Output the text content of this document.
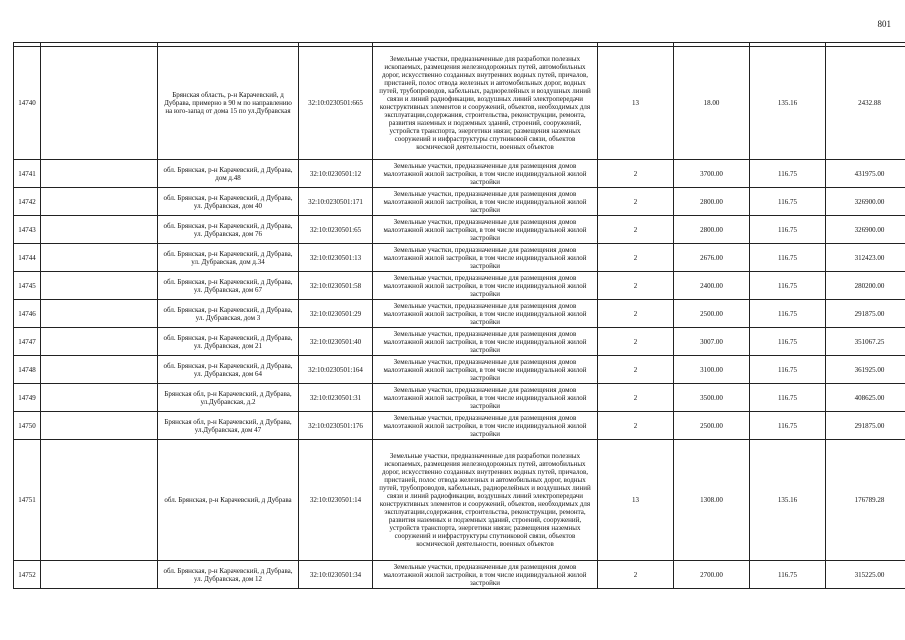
801

14740		Брянская область, р-н Карачевский, д Дубрава, примерно в 90 м по направлению на юго-запад от дома 15 по ул.Дубравская	32:10:0230501:665	Земельные участки, предназначенные для разработки полезных ископаемых, размещения железнодорожных путей, автомобильных дорог, искусственно созданных внутренних водных путей, причалов, пристаней, полос отвода железных и автомобильных дорог, водных путей, трубопроводов, кабельных, радиорелейных и воздушных линий связи и линий радиофикации, воздушных линий электропередачи конструктивных элементов и сооружений, объектов, необходимых для эксплуатации,содержания, строительства, реконструкции, ремонта, развития наземных и подземных зданий, строений, сооружений, устройств транспорта, энергетики нвязи; размещения наземных сооружений и инфраструктуры спутниковой связи, объектов космической деятельности, военных объектов	13	18.00	135.16	2432.88
14741		обл. Брянская, р-н Карачевский, д Дубрава, дом д.48	32:10:0230501:12	Земельные участки, предназначенные для размещения домов малоэтажной жилой застройки, в том числе индивидуальной жилой застройки	2	3700.00	116.75	431975.00
14742		обл. Брянская, р-н Карачевский, д Дубрава, ул. Дубравская, дом 40	32:10:0230501:171	Земельные участки, предназначенные для размещения домов малоэтажной жилой застройки, в том числе индивидуальной жилой застройки	2	2800.00	116.75	326900.00
14743		обл. Брянская, р-н Карачевский, д Дубрава, ул. Дубравская, дом 76	32:10:0230501:65	Земельные участки, предназначенные для размещения домов малоэтажной жилой застройки, в том числе индивидуальной жилой застройки	2	2800.00	116.75	326900.00
14744		обл. Брянская, р-н Карачевский, д Дубрава, ул. Дубравская, дом д.34	32:10:0230501:13	Земельные участки, предназначенные для размещения домов малоэтажной жилой застройки, в том числе индивидуальной жилой застройки	2	2676.00	116.75	312423.00
14745		обл. Брянская, р-н Карачевский, д Дубрава, ул. Дубравская, дом 67	32:10:0230501:58	Земельные участки, предназначенные для размещения домов малоэтажной жилой застройки, в том числе индивидуальной жилой застройки	2	2400.00	116.75	280200.00
14746		обл. Брянская, р-н Карачевский, д Дубрава, ул. Дубравская, дом 3	32:10:0230501:29	Земельные участки, предназначенные для размещения домов малоэтажной жилой застройки, в том числе индивидуальной жилой застройки	2	2500.00	116.75	291875.00
14747		обл. Брянская, р-н Карачевский, д Дубрава, ул. Дубравская, дом 21	32:10:0230501:40	Земельные участки, предназначенные для размещения домов малоэтажной жилой застройки, в том числе индивидуальной жилой застройки	2	3007.00	116.75	351067.25
14748		обл. Брянская, р-н Карачевский, д Дубрава, ул. Дубравская, дом 64	32:10:0230501:164	Земельные участки, предназначенные для размещения домов малоэтажной жилой застройки, в том числе индивидуальной жилой застройки	2	3100.00	116.75	361925.00
14749		Брянская обл, р-н Карачевский, д Дубрава, ул.Дубравская, д.2	32:10:0230501:31	Земельные участки, предназначенные для размещения домов малоэтажной жилой застройки, в том числе индивидуальной жилой застройки	2	3500.00	116.75	408625.00
14750		Брянская обл, р-н Карачевский, д Дубрава, ул.Дубравская, дом 47	32:10:0230501:176	Земельные участки, предназначенные для размещения домов малоэтажной жилой застройки, в том числе индивидуальной жилой застройки	2	2500.00	116.75	291875.00
14751		обл. Брянская, р-н Карачевский, д Дубрава	32:10:0230501:14	Земельные участки, предназначенные для разработки полезных ископаемых, размещения железнодорожных путей, автомобильных дорог, искусственно созданных внутренних водных путей, причалов, пристаней, полос отвода железных и автомобильных дорог, водных путей, трубопроводов, кабельных, радиорелейных и воздушных линий связи и линий радиофикации, воздушных линий электропередачи конструктивных элементов и сооружений, объектов, необходимых для эксплуатации,содержания, строительства, реконструкции, ремонта, развития наземных и подземных зданий, строений, сооружений, устройств транспорта, энергетики нвязи; размещения наземных сооружений и инфраструктуры спутниковой связи, объектов космической деятельности, военных объектов	13	1308.00	135.16	176789.28
14752		обл. Брянская, р-н Карачевский, д Дубрава, ул. Дубравская, дом 12	32:10:0230501:34	Земельные участки, предназначенные для размещения домов малоэтажной жилой застройки, в том числе индивидуальной жилой застройки	2	2700.00	116.75	315225.00
